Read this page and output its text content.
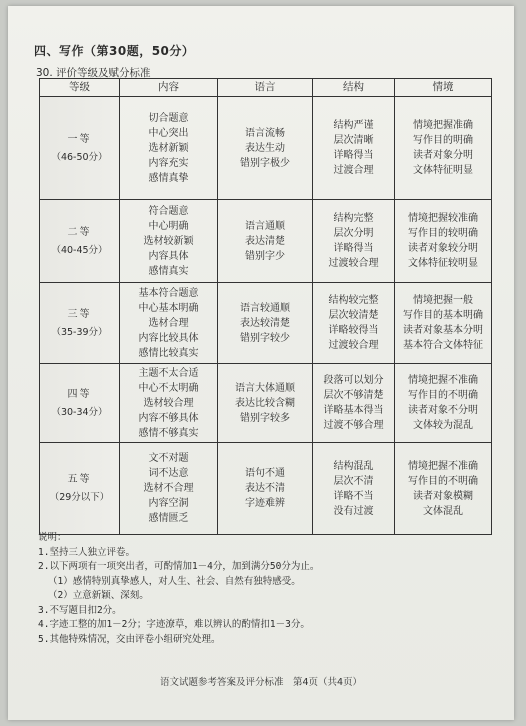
四、写作（第30题，50分）
30. 评价等级及赋分标准
等级	内容	语言	结构	情境

一等
（46-50分）	切合题意
中心突出
选材新颖
内容充实
感情真挚	语言流畅
表达生动
错别字极少	结构严谨
层次清晰
详略得当
过渡合理	情境把握准确
写作目的明确
读者对象分明
文体特征明显

二等
（40-45分）	符合题意
中心明确
选材较新颖
内容具体
感情真实	语言通顺
表达清楚
错别字少	结构完整
层次分明
详略得当
过渡较合理	情境把握较准确
写作目的较明确
读者对象较分明
文体特征较明显

三等
（35-39分）	基本符合题意
中心基本明确
选材合理
内容比较具体
感情比较真实	语言较通顺
表达较清楚
错别字较少	结构较完整
层次较清楚
详略较得当
过渡较合理	情境把握一般
写作目的基本明确
读者对象基本分明
基本符合文体特征

四等
（30-34分）	主题不太合适
中心不太明确
选材较合理
内容不够具体
感情不够真实	语言大体通顺
表达比较含糊
错别字较多	段落可以划分
层次不够清楚
详略基本得当
过渡不够合理	情境把握不准确
写作目的不明确
读者对象不分明
文体较为混乱

五等
（29分以下）	文不对题
词不达意
选材不合理
内容空洞
感情匮乏	语句不通
表达不清
字迹难辨	结构混乱
层次不清
详略不当
没有过渡	情境把握不准确
写作目的不明确
读者对象模糊
文体混乱
说明：
1.坚持三人独立评卷。
2.以下两项有一项突出者，可酌情加1－4分，加到满分50分为止。
（1）感情特别真挚感人，对人生、社会、自然有独特感受。
（2）立意新颖、深刻。
3.不写题目扣2分。
4.字迹工整的加1－2分；字迹潦草，难以辨认的酌情扣1－3分。
5.其他特殊情况，交由评卷小组研究处理。
语文试题参考答案及评分标准　第4页（共4页）
